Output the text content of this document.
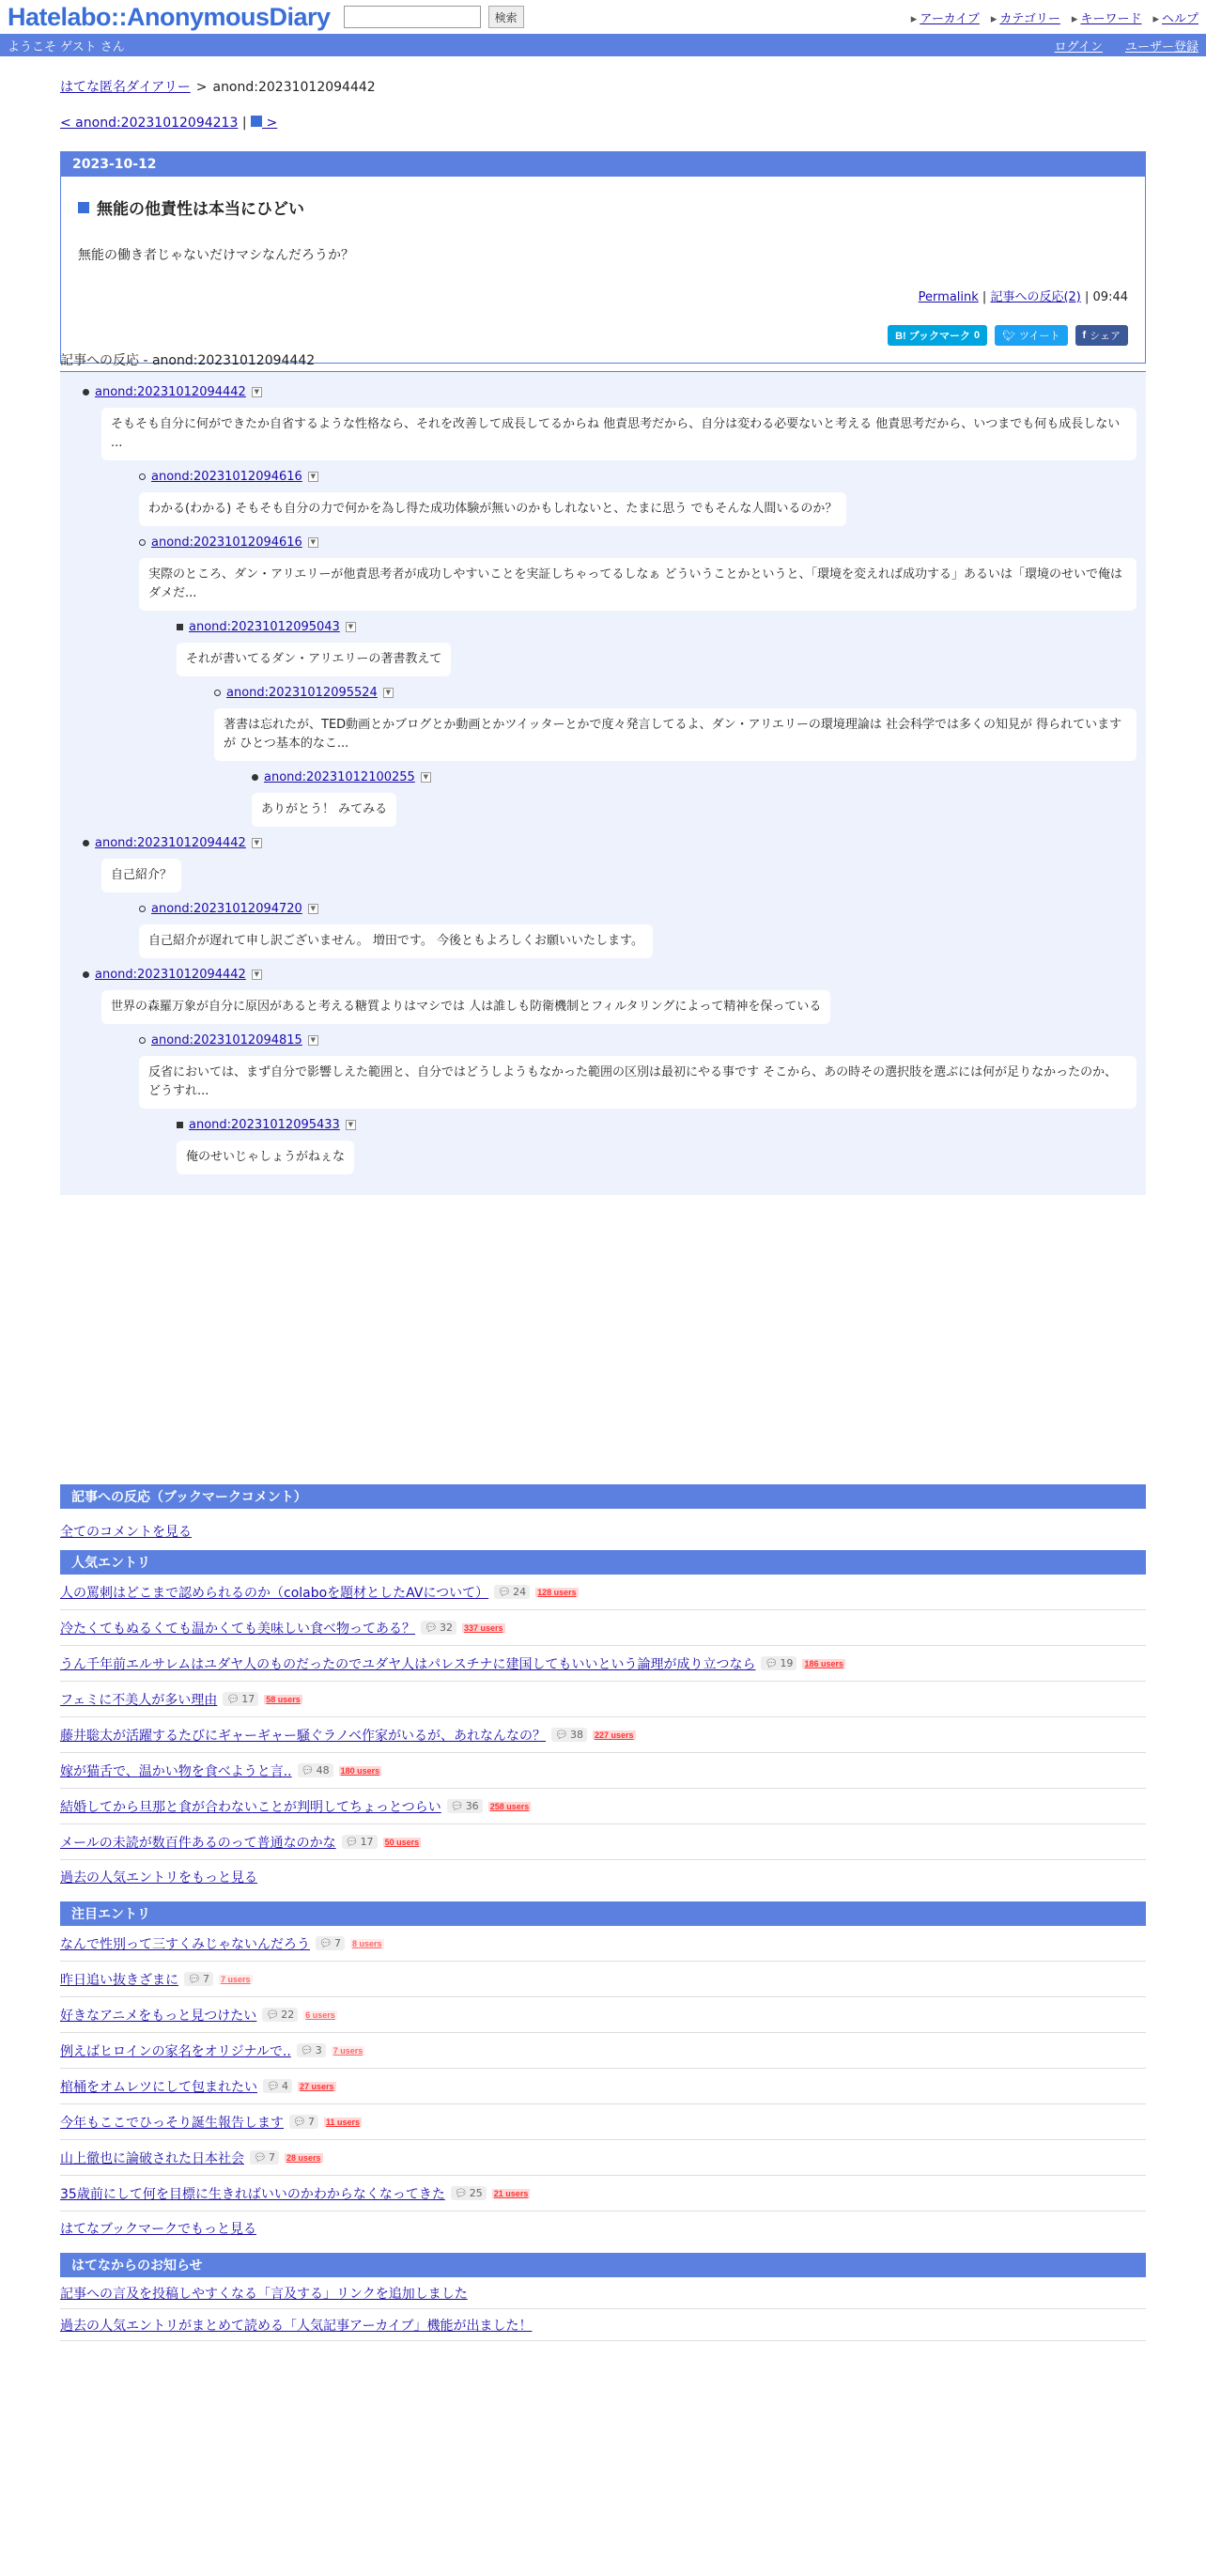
Hatelabo::AnonymousDiary	検索	▸ アーカイブ	▸ カテゴリー	▸ キーワード	▸ ヘルプ
ようこそ ゲスト さん	ログイン ユーザー登録
はてな匿名ダイアリー > anond:20231012094442
< anond:20231012094213 | >
2023-10-12
無能の他責性は本当にひどい
無能の働き者じゃないだけマシなんだろうか？
Permalink | 記事への反応(2) | 09:44
B! ブックマーク 0 🐦︎ ツイート f シェア
記事への反応 - anond:20231012094442
anond:20231012094442	▼
そもそも自分に何ができたか自省するような性格なら、それを改善して成長してるからね 他責思考だから、自分は変わる必要ないと考える 他責思考だから、いつまでも何も成長しない ...
anond:20231012094616	▼
わかる(わかる) そもそも自分の力で何かを為し得た成功体験が無いのかもしれないと、たまに思う でもそんな人間いるのか？
anond:20231012094616	▼
実際のところ、ダン・アリエリーが他責思考者が成功しやすいことを実証しちゃってるしなぁ どういうことかというと、「環境を変えれば成功する」あるいは「環境のせいで俺はダメだ...
anond:20231012095043	▼
それが書いてるダン・アリエリーの著書教えて
anond:20231012095524	▼
著書は忘れたが、TED動画とかブログとか動画とかツイッターとかで度々発言してるよ、ダン・アリエリーの環境理論は 社会科学では多くの知見が 得られていますが ひとつ基本的なこ...
anond:20231012100255	▼
ありがとう！ みてみる
anond:20231012094442	▼
自己紹介？
anond:20231012094720	▼
自己紹介が遅れて申し訳ございません。 増田です。 今後ともよろしくお願いいたします。
anond:20231012094442	▼
世界の森羅万象が自分に原因があると考える糖質よりはマシでは 人は誰しも防衛機制とフィルタリングによって精神を保っている
anond:20231012094815	▼
反省においては、まず自分で影響しえた範囲と、自分ではどうしようもなかった範囲の区別は最初にやる事です そこから、あの時その選択肢を選ぶには何が足りなかったのか、どうすれ...
anond:20231012095433	▼
俺のせいじゃしょうがねぇな
記事への反応（ブックマークコメント）
全てのコメントを見る
人気エントリ
人の罵刺はどこまで認められるのか（colaboを題材としたAVについて） 💬︎ 24 128 users
冷たくてもぬるくても温かくても美味しい食べ物ってある？ 💬︎ 32 337 users
うん千年前エルサレムはユダヤ人のものだったのでユダヤ人はパレスチナに建国してもいいという論理が成り立つなら 💬︎ 19 186 users
フェミに不美人が多い理由 💬︎ 17 58 users
藤井聡太が活躍するたびにギャーギャー騒ぐラノベ作家がいるが、あれなんなの？ 💬︎ 38 227 users
嫁が猫舌で、温かい物を食べようと言.. 💬︎ 48 180 users
結婚してから旦那と食が合わないことが判明してちょっとつらい 💬︎ 36 258 users
メールの未読が数百件あるのって普通なのかな 💬︎ 17 50 users
過去の人気エントリをもっと見る
注目エントリ
なんで性別って三すくみじゃないんだろう 💬︎ 7 8 users
昨日追い抜きざまに 💬︎ 7 7 users
好きなアニメをもっと見つけたい 💬︎ 22 6 users
例えばヒロインの家名をオリジナルで.. 💬︎ 3 7 users
棺桶をオムレツにして包まれたい 💬︎ 4 27 users
今年もここでひっそり誕生報告します 💬︎ 7 11 users
山上徹也に論破された日本社会 💬︎ 7 28 users
35歳前にして何を目標に生きればいいのかわからなくなってきた 💬︎ 25 21 users
はてなブックマークでもっと見る
はてなからのお知らせ
記事への言及を投稿しやすくなる「言及する」リンクを追加しました
過去の人気エントリがまとめて読める「人気記事アーカイブ」機能が出ました！
